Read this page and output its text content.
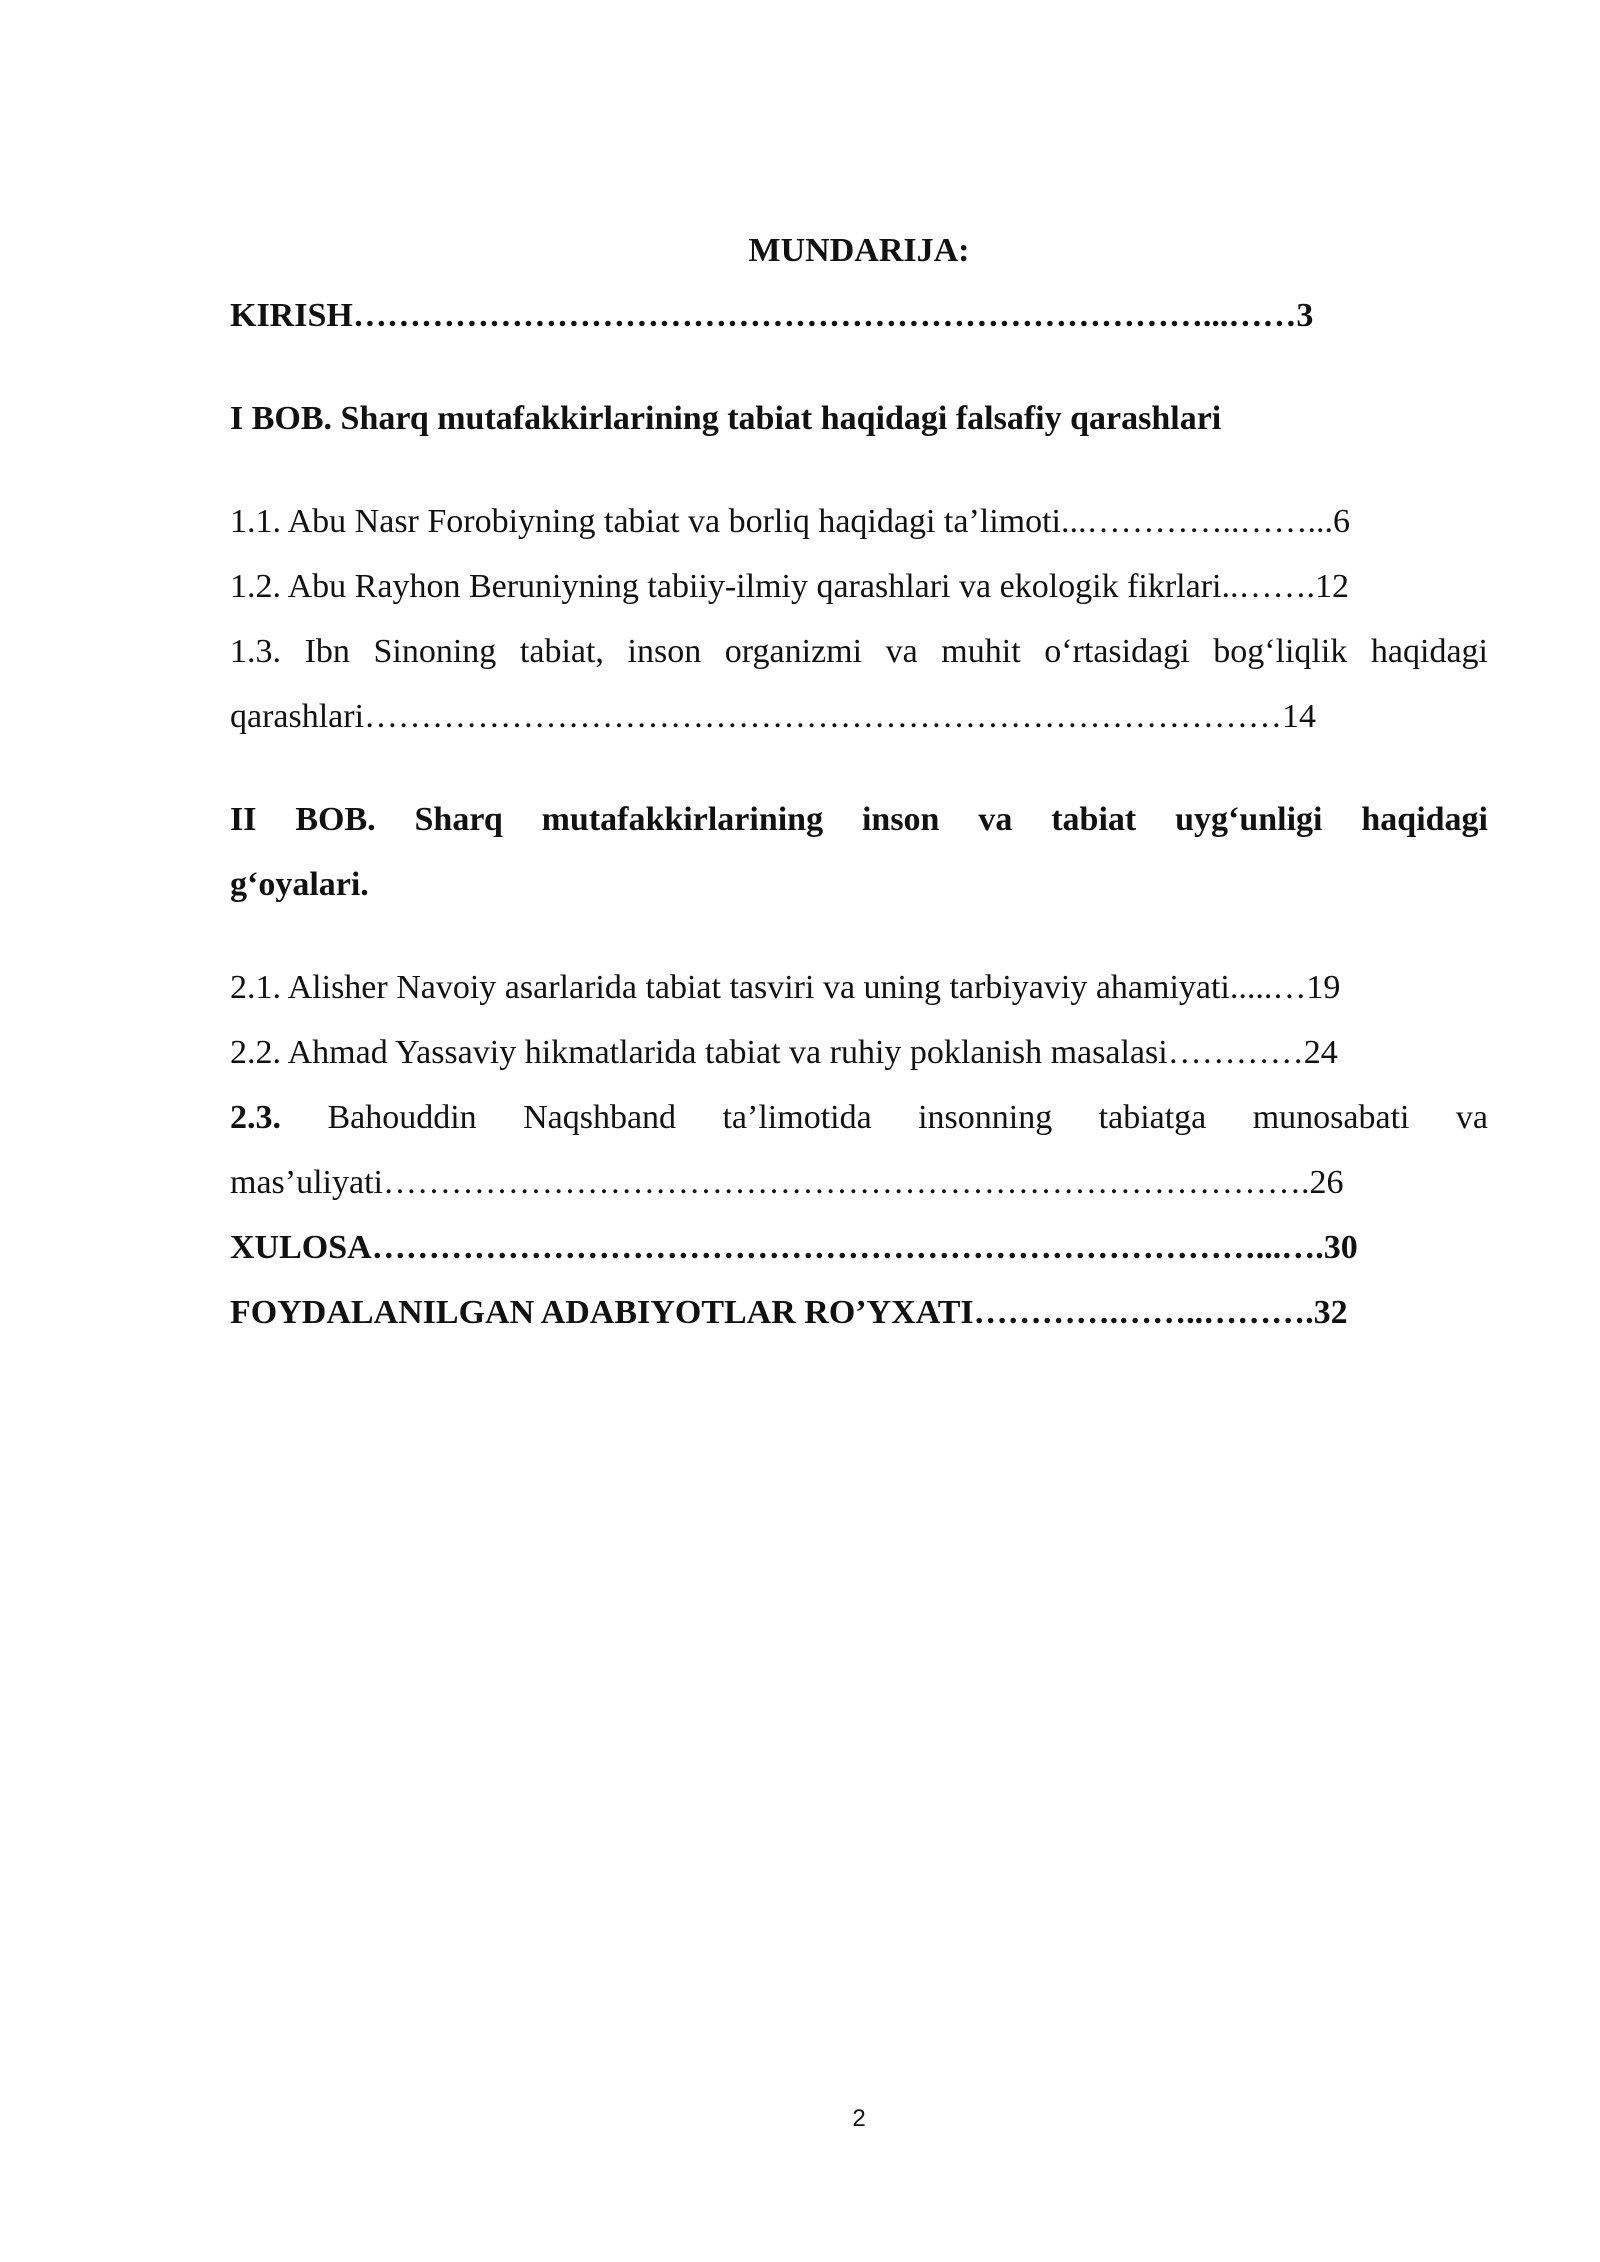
MUNDARIJA:
KIRISH…………………………………………………………………...……3
I BOB. Sharq mutafakkirlarining tabiat haqidagi falsafiy qarashlari
1.1. Abu Nasr Forobiyning tabiat va borliq haqidagi ta’limoti...…………..……...6
1.2. Abu Rayhon Beruniyning tabiiy-ilmiy qarashlari va ekologik fikrlari..…….12
1.3. Ibn Sinoning tabiat, inson organizmi va muhit o‘rtasidagi bog‘liqlik haqidagi
qarashlari………………………………………………………………………14
II BOB. Sharq mutafakkirlarining inson va tabiat uyg‘unligi haqidagi
g‘oyalari.
2.1. Alisher Navoiy asarlarida tabiat tasviri va uning tarbiyaviy ahamiyati.....…19
2.2. Ahmad Yassaviy hikmatlarida tabiat va ruhiy poklanish masalasi…………24
2.3. Bahouddin Naqshband ta’limotida insonning tabiatga munosabati va
mas’uliyati……………………………………………………………………….26
XULOSA……………………………………………………………………...….30
FOYDALANILGAN ADABIYOTLAR RO’YXATI………….……..……….32
2
